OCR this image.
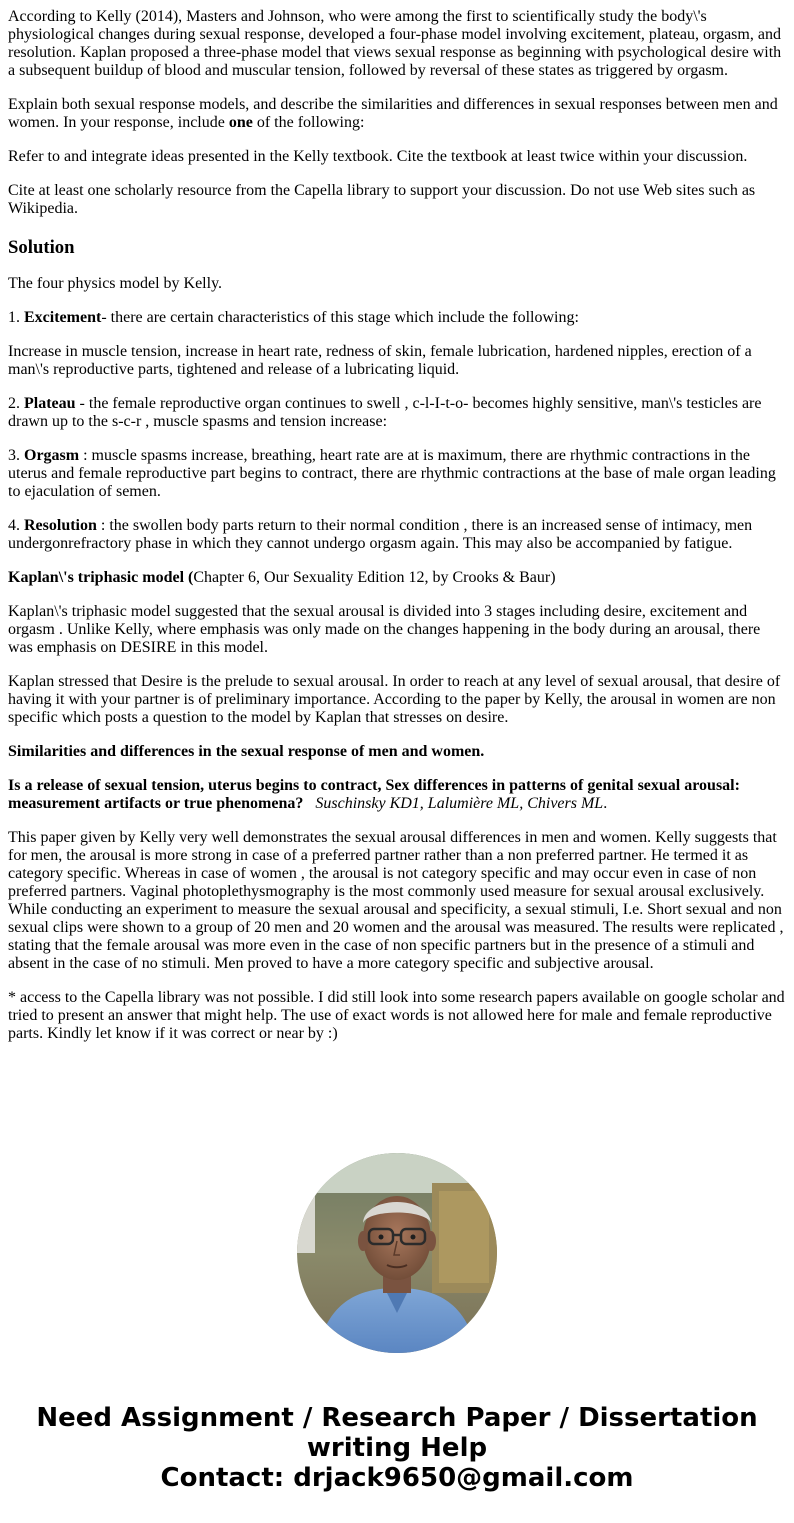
According to Kelly (2014), Masters and Johnson, who were among the first to scientifically study the body\'s physiological changes during sexual response, developed a four-phase model involving excitement, plateau, orgasm, and resolution. Kaplan proposed a three-phase model that views sexual response as beginning with psychological desire with a subsequent buildup of blood and muscular tension, followed by reversal of these states as triggered by orgasm.

Explain both sexual response models, and describe the similarities and differences in sexual responses between men and women. In your response, include one of the following:

Refer to and integrate ideas presented in the Kelly textbook. Cite the textbook at least twice within your discussion.

Cite at least one scholarly resource from the Capella library to support your discussion. Do not use Web sites such as Wikipedia.

Solution

The four physics model by Kelly.

1. Excitement- there are certain characteristics of this stage which include the following:

Increase in muscle tension, increase in heart rate, redness of skin, female lubrication, hardened nipples, erection of a man\'s reproductive parts, tightened and release of a lubricating liquid.

2. Plateau - the female reproductive organ continues to swell , c-l-I-t-o- becomes highly sensitive, man\'s testicles are drawn up to the s-c-r , muscle spasms and tension increase:

3. Orgasm : muscle spasms increase, breathing, heart rate are at is maximum, there are rhythmic contractions in the uterus and female reproductive part begins to contract, there are rhythmic contractions at the base of male organ leading to ejaculation of semen.

4. Resolution : the swollen body parts return to their normal condition , there is an increased sense of intimacy, men undergonrefractory phase in which they cannot undergo orgasm again. This may also be accompanied by fatigue.

Kaplan\'s triphasic model (Chapter 6, Our Sexuality Edition 12, by Crooks & Baur)

Kaplan\'s triphasic model suggested that the sexual arousal is divided into 3 stages including desire, excitement and orgasm . Unlike Kelly, where emphasis was only made on the changes happening in the body during an arousal, there was emphasis on DESIRE in this model.

Kaplan stressed that Desire is the prelude to sexual arousal. In order to reach at any level of sexual arousal, that desire of having it with your partner is of preliminary importance. According to the paper by Kelly, the arousal in women are non specific which posts a question to the model by Kaplan that stresses on desire.

Similarities and differences in the sexual response of men and women.

Is a release of sexual tension, uterus begins to contract, Sex differences in patterns of genital sexual arousal: measurement artifacts or true phenomena? Suschinsky KD1, Lalumière ML, Chivers ML.

This paper given by Kelly very well demonstrates the sexual arousal differences in men and women. Kelly suggests that for men, the arousal is more strong in case of a preferred partner rather than a non preferred partner. He termed it as category specific. Whereas in case of women , the arousal is not category specific and may occur even in case of non preferred partners. Vaginal photoplethysmography is the most commonly used measure for sexual arousal exclusively. While conducting an experiment to measure the sexual arousal and specificity, a sexual stimuli, I.e. Short sexual and non sexual clips were shown to a group of 20 men and 20 women and the arousal was measured. The results were replicated , stating that the female arousal was more even in the case of non specific partners but in the presence of a stimuli and absent in the case of no stimuli. Men proved to have a more category specific and subjective arousal.

* access to the Capella library was not possible. I did still look into some research papers available on google scholar and tried to present an answer that might help. The use of exact words is not allowed here for male and female reproductive parts. Kindly let know if it was correct or near by :)

Need Assignment / Research Paper / Dissertation
writing Help
Contact: drjack9650@gmail.com
